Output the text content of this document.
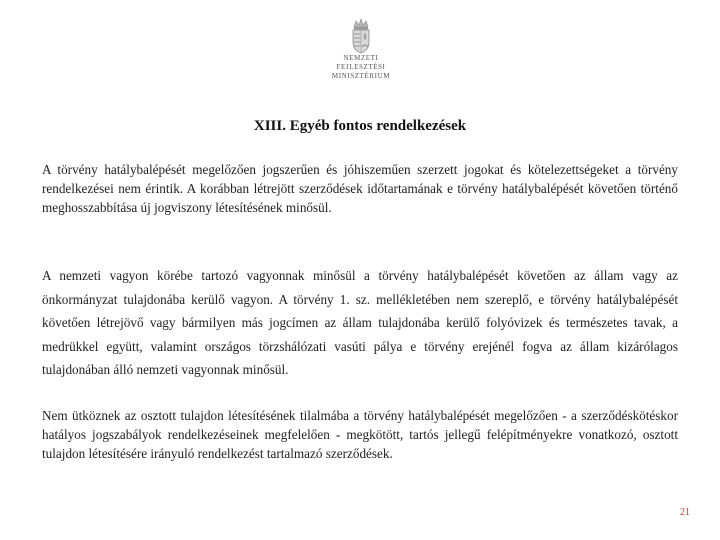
NEMZETI FEJLESZTÉSI
MINISZTÉRIUM
XIII. Egyéb fontos rendelkezések

A törvény hatálybalépését megelőzően jogszerűen és jóhiszeműen szerzett jogokat és kötelezettségeket a törvény rendelkezései nem érintik. A korábban létrejött szerződések időtartamának e törvény hatálybalépését követően történő meghosszabbítása új jogviszony létesítésének minősül.

A nemzeti vagyon körébe tartozó vagyonnak minősül a törvény hatálybalépését követően az állam vagy az önkormányzat tulajdonába kerülő vagyon. A törvény 1. sz. mellékletében nem szereplő, e törvény hatálybalépését követően létrejövő vagy bármilyen más jogcímen az állam tulajdonába kerülő folyóvizek és természetes tavak, a medrükkel együtt, valamint országos törzshálózati vasúti pálya e törvény erejénél fogva az állam kizárólagos tulajdonában álló nemzeti vagyonnak minősül.

Nem ütköznek az osztott tulajdon létesítésének tilalmába a törvény hatálybalépését megelőzően - a szerződéskötéskor hatályos jogszabályok rendelkezéseinek megfelelően - megkötött, tartós jellegű felépítményekre vonatkozó, osztott tulajdon létesítésére irányuló rendelkezést tartalmazó szerződések.

21
